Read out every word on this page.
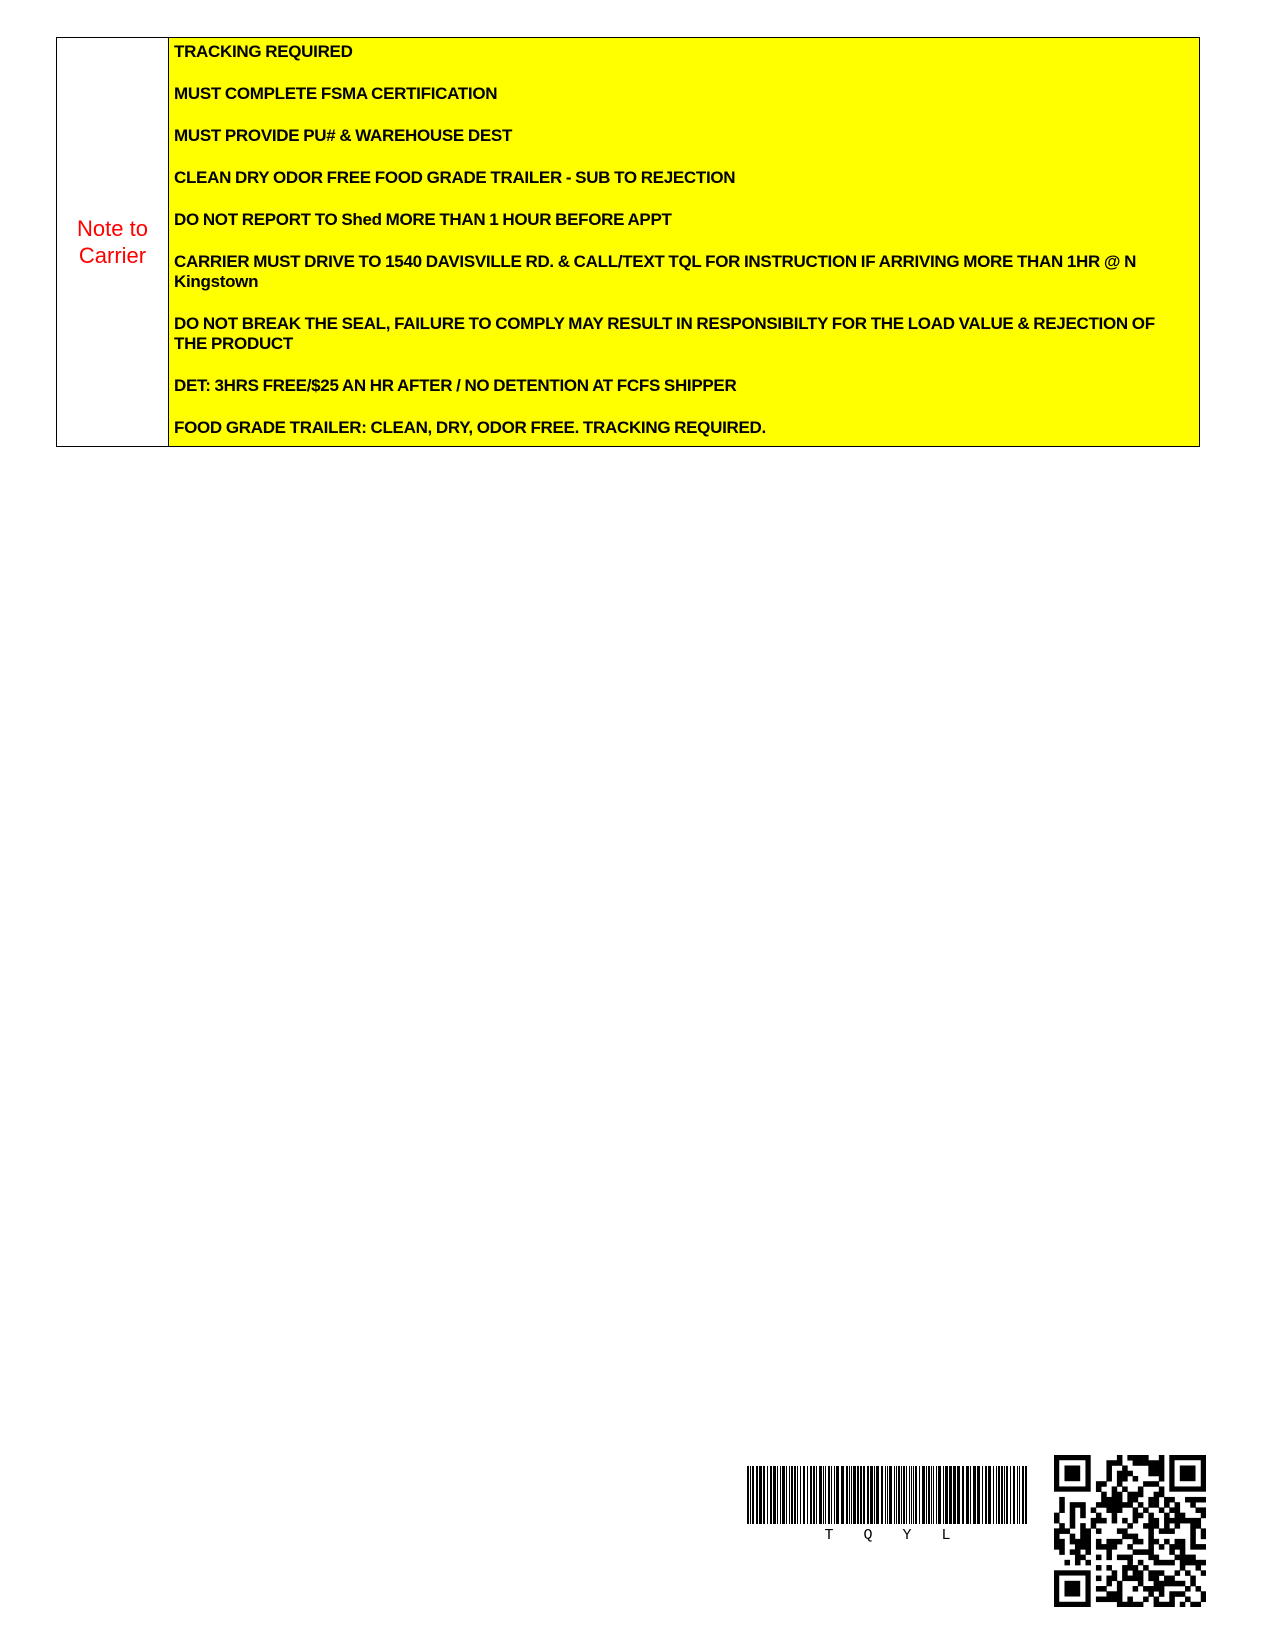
Note to Carrier
TRACKING REQUIRED
MUST COMPLETE FSMA CERTIFICATION
MUST PROVIDE PU# & WAREHOUSE DEST
CLEAN DRY ODOR FREE FOOD GRADE TRAILER - SUB TO REJECTION
DO NOT REPORT TO Shed MORE THAN 1 HOUR BEFORE APPT
CARRIER MUST DRIVE TO 1540 DAVISVILLE RD. & CALL/TEXT TQL FOR INSTRUCTION IF ARRIVING MORE THAN 1HR @ N Kingstown
DO NOT BREAK THE SEAL, FAILURE TO COMPLY MAY RESULT IN RESPONSIBILTY FOR THE LOAD VALUE & REJECTION OF THE PRODUCT
DET: 3HRS FREE/$25 AN HR AFTER / NO DETENTION AT FCFS SHIPPER
FOOD GRADE TRAILER: CLEAN, DRY, ODOR FREE. TRACKING REQUIRED.
TQYL
